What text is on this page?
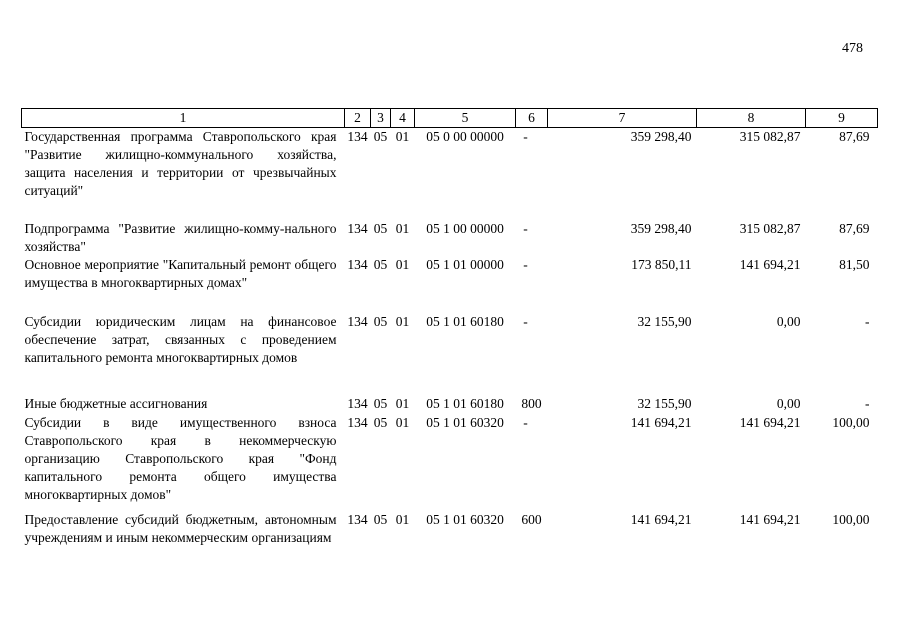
478
1	2	3	4	5	6	7	8	9
Государственная программа Ставропольского края "Развитие жилищно-коммунального хозяйства, защита населения и территории от чрезвычайных ситуаций"	134	05	01	05 0 00 00000	-	359 298,40	315 082,87	87,69
Подпрограмма "Развитие жилищно-комму-нального хозяйства"	134	05	01	05 1 00 00000	-	359 298,40	315 082,87	87,69
Основное мероприятие "Капитальный ремонт общего имущества в многоквартирных домах"	134	05	01	05 1 01 00000	-	173 850,11	141 694,21	81,50
Субсидии юридическим лицам на финансовое обеспечение затрат, связанных с проведением капитального ремонта многоквартирных домов	134	05	01	05 1 01 60180	-	32 155,90	0,00	-
Иные бюджетные ассигнования	134	05	01	05 1 01 60180	800	32 155,90	0,00	-
Субсидии в виде имущественного взноса Ставропольского края в некоммерческую организацию Ставропольского края "Фонд капитального ремонта общего имущества многоквартирных домов"	134	05	01	05 1 01 60320	-	141 694,21	141 694,21	100,00
Предоставление субсидий бюджетным, автономным учреждениям и иным некоммерческим организациям	134	05	01	05 1 01 60320	600	141 694,21	141 694,21	100,00
